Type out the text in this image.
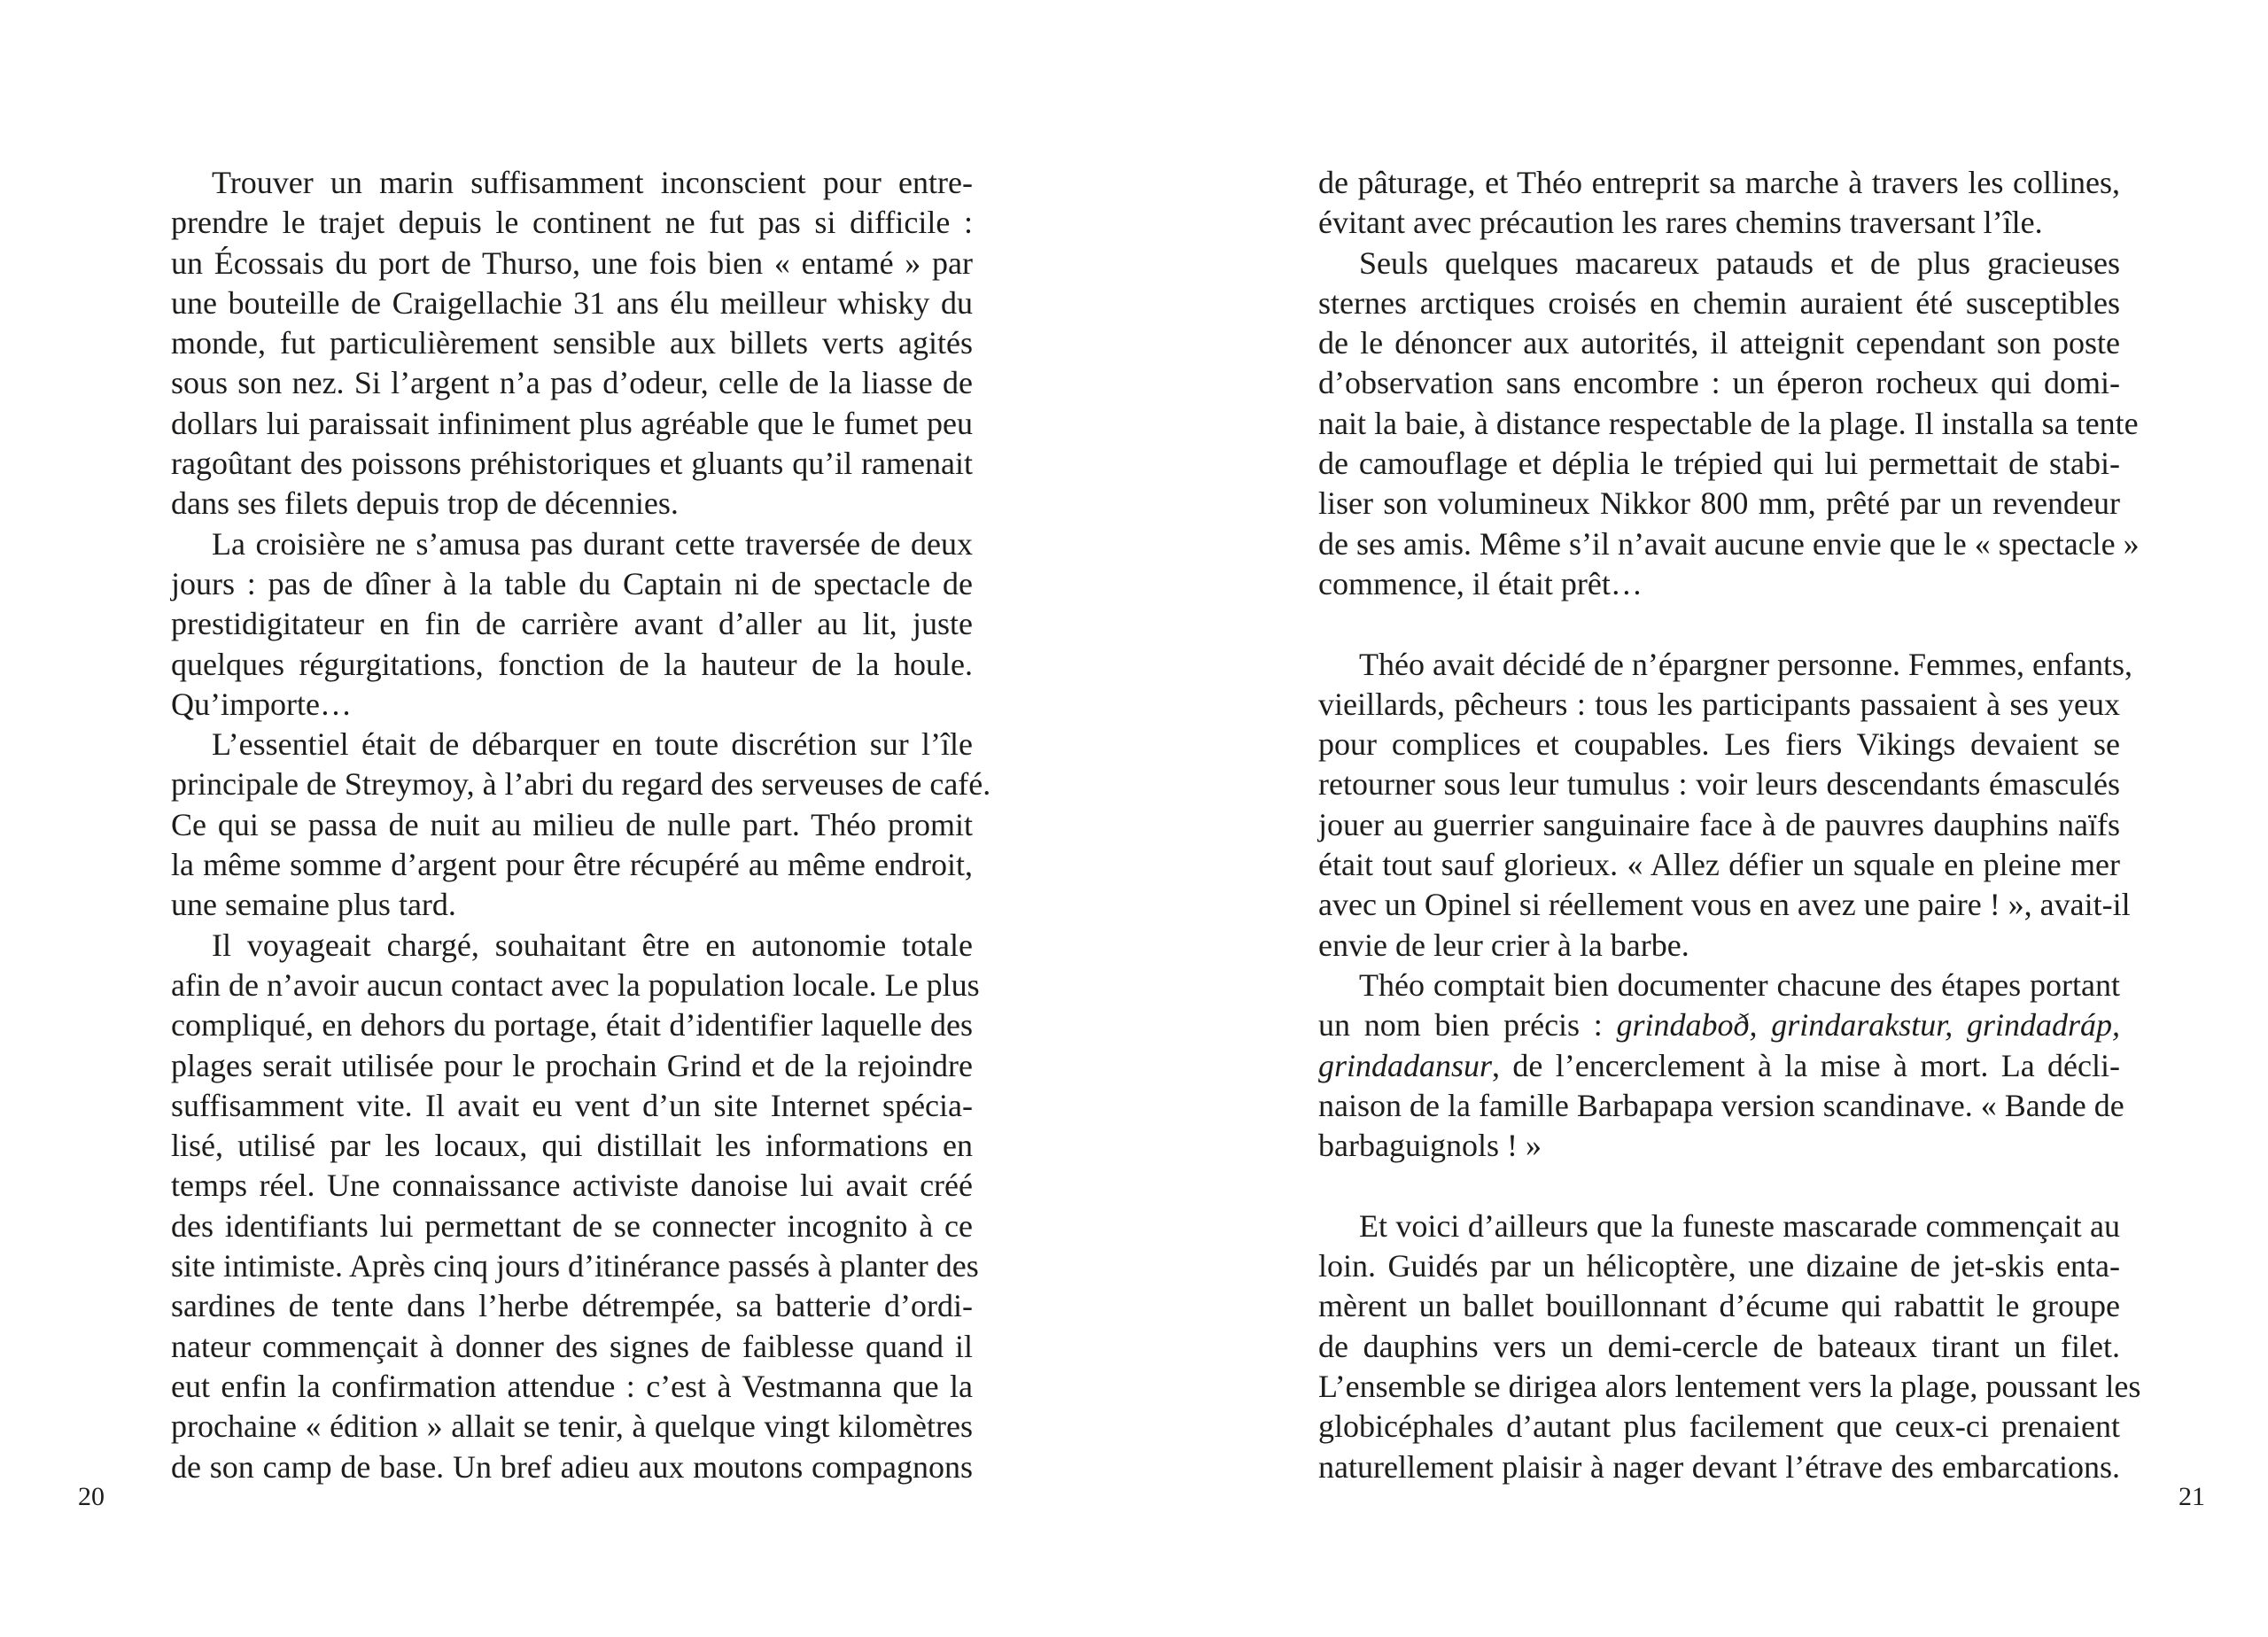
Trouver un marin suffisamment inconscient pour entre-
prendre le trajet depuis le continent ne fut pas si difficile :
un Écossais du port de Thurso, une fois bien « entamé » par
une bouteille de Craigellachie 31 ans élu meilleur whisky du
monde, fut particulièrement sensible aux billets verts agités
sous son nez. Si l’argent n’a pas d’odeur, celle de la liasse de
dollars lui paraissait infiniment plus agréable que le fumet peu
ragoûtant des poissons préhistoriques et gluants qu’il ramenait
dans ses filets depuis trop de décennies.
La croisière ne s’amusa pas durant cette traversée de deux
jours : pas de dîner à la table du Captain ni de spectacle de
prestidigitateur en fin de carrière avant d’aller au lit, juste
quelques régurgitations, fonction de la hauteur de la houle.
Qu’importe…
L’essentiel était de débarquer en toute discrétion sur l’île
principale de Streymoy, à l’abri du regard des serveuses de café.
Ce qui se passa de nuit au milieu de nulle part. Théo promit
la même somme d’argent pour être récupéré au même endroit,
une semaine plus tard.
Il voyageait chargé, souhaitant être en autonomie totale
afin de n’avoir aucun contact avec la population locale. Le plus
compliqué, en dehors du portage, était d’identifier laquelle des
plages serait utilisée pour le prochain Grind et de la rejoindre
suffisamment vite. Il avait eu vent d’un site Internet spécia-
lisé, utilisé par les locaux, qui distillait les informations en
temps réel. Une connaissance activiste danoise lui avait créé
des identifiants lui permettant de se connecter incognito à ce
site intimiste. Après cinq jours d’itinérance passés à planter des
sardines de tente dans l’herbe détrempée, sa batterie d’ordi-
nateur commençait à donner des signes de faiblesse quand il
eut enfin la confirmation attendue : c’est à Vestmanna que la
prochaine « édition » allait se tenir, à quelque vingt kilomètres
de son camp de base. Un bref adieu aux moutons compagnons
20
de pâturage, et Théo entreprit sa marche à travers les collines,
évitant avec précaution les rares chemins traversant l’île.
Seuls quelques macareux patauds et de plus gracieuses
sternes arctiques croisés en chemin auraient été susceptibles
de le dénoncer aux autorités, il atteignit cependant son poste
d’observation sans encombre : un éperon rocheux qui domi-
nait la baie, à distance respectable de la plage. Il installa sa tente
de camouflage et déplia le trépied qui lui permettait de stabi-
liser son volumineux Nikkor 800 mm, prêté par un revendeur
de ses amis. Même s’il n’avait aucune envie que le « spectacle »
commence, il était prêt…
Théo avait décidé de n’épargner personne. Femmes, enfants,
vieillards, pêcheurs : tous les participants passaient à ses yeux
pour complices et coupables. Les fiers Vikings devaient se
retourner sous leur tumulus : voir leurs descendants émasculés
jouer au guerrier sanguinaire face à de pauvres dauphins naïfs
était tout sauf glorieux. « Allez défier un squale en pleine mer
avec un Opinel si réellement vous en avez une paire ! », avait-il
envie de leur crier à la barbe.
Théo comptait bien documenter chacune des étapes portant
un nom bien précis : grindaboð, grindarakstur, grindadráp,
grindadansur, de l’encerclement à la mise à mort. La décli-
naison de la famille Barbapapa version scandinave. « Bande de
barbaguignols ! »
Et voici d’ailleurs que la funeste mascarade commençait au
loin. Guidés par un hélicoptère, une dizaine de jet-skis enta-
mèrent un ballet bouillonnant d’écume qui rabattit le groupe
de dauphins vers un demi-cercle de bateaux tirant un filet.
L’ensemble se dirigea alors lentement vers la plage, poussant les
globicéphales d’autant plus facilement que ceux-ci prenaient
naturellement plaisir à nager devant l’étrave des embarcations.
21
